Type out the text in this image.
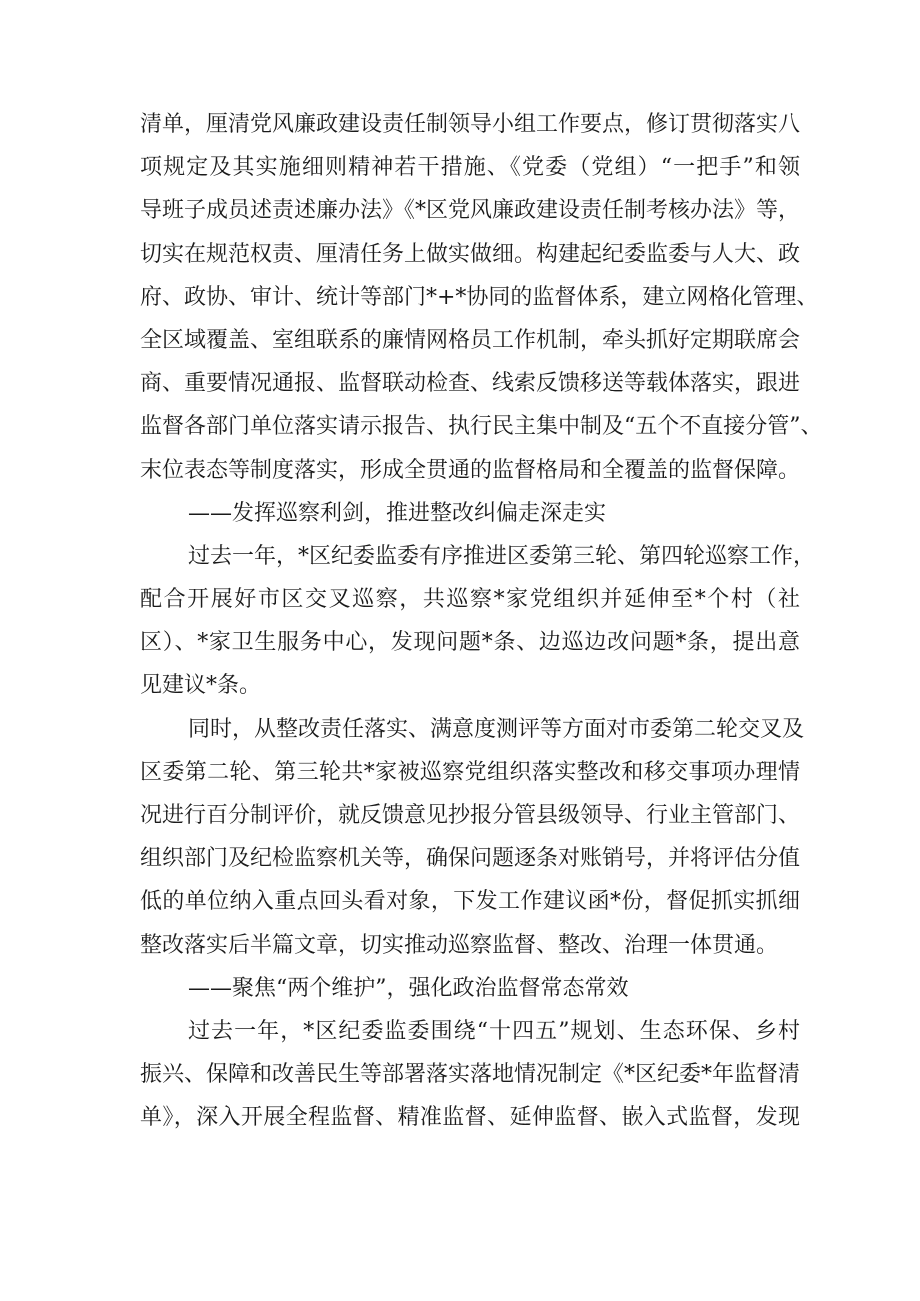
清单，厘清党风廉政建设责任制领导小组工作要点，修订贯彻落实八
项规定及其实施细则精神若干措施、《党委（党组）“一把手”和领
导班子成员述责述廉办法》《*区党风廉政建设责任制考核办法》等，
切实在规范权责、厘清任务上做实做细。构建起纪委监委与人大、政
府、政协、审计、统计等部门*+*协同的监督体系，建立网格化管理、
全区域覆盖、室组联系的廉情网格员工作机制，牵头抓好定期联席会
商、重要情况通报、监督联动检查、线索反馈移送等载体落实，跟进
监督各部门单位落实请示报告、执行民主集中制及“五个不直接分管”、
末位表态等制度落实，形成全贯通的监督格局和全覆盖的监督保障。
——发挥巡察利剑，推进整改纠偏走深走实
过去一年，*区纪委监委有序推进区委第三轮、第四轮巡察工作，
配合开展好市区交叉巡察，共巡察*家党组织并延伸至*个村（社
区）、*家卫生服务中心，发现问题*条、边巡边改问题*条，提出意
见建议*条。
同时，从整改责任落实、满意度测评等方面对市委第二轮交叉及
区委第二轮、第三轮共*家被巡察党组织落实整改和移交事项办理情
况进行百分制评价，就反馈意见抄报分管县级领导、行业主管部门、
组织部门及纪检监察机关等，确保问题逐条对账销号，并将评估分值
低的单位纳入重点回头看对象，下发工作建议函*份，督促抓实抓细
整改落实后半篇文章，切实推动巡察监督、整改、治理一体贯通。
——聚焦“两个维护”，强化政治监督常态常效
过去一年，*区纪委监委围绕“十四五”规划、生态环保、乡村
振兴、保障和改善民生等部署落实落地情况制定《*区纪委*年监督清
单》，深入开展全程监督、精准监督、延伸监督、嵌入式监督，发现
